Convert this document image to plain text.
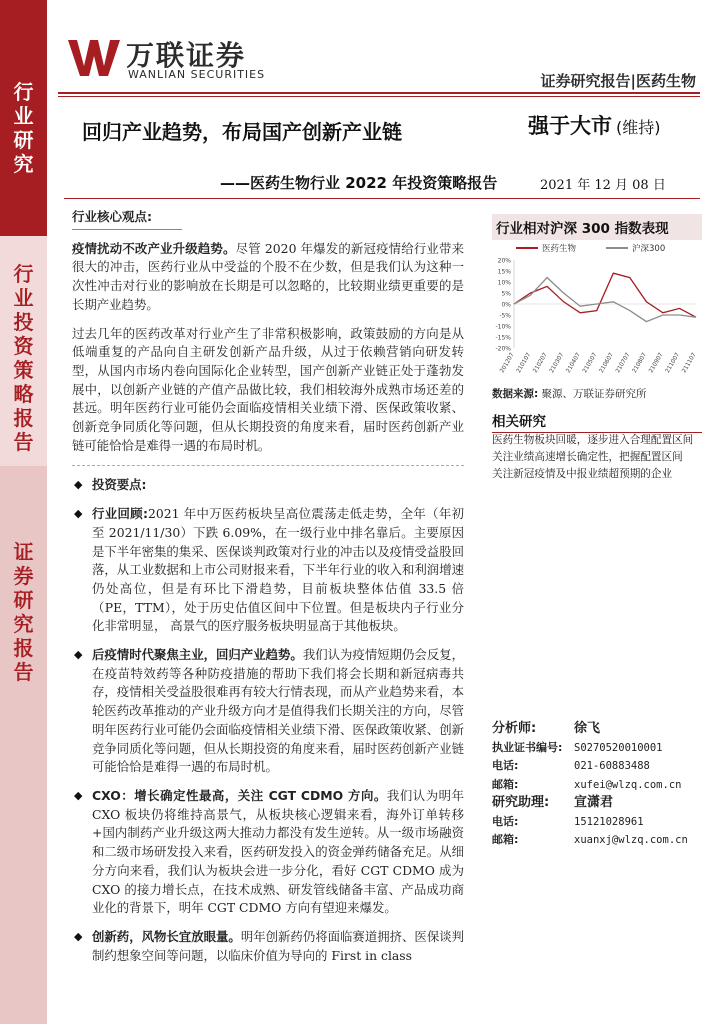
行
业
研
究
行
业
投
资
策
略
报
告
证
券
研
究
报
告
万联证券
WANLIAN SECURITIES	证券研究报告|医药生物
回归产业趋势，布局国产创新产业链
——医药生物行业 2022 年投资策略报告
强于大市 (维持)
2021 年 12 月 08 日
行业核心观点:

疫情扰动不改产业升级趋势。尽管 2020 年爆发的新冠疫情给行业带来很大的冲击，医药行业从中受益的个股不在少数，但是我们认为这种一次性冲击对行业的影响放在长期是可以忽略的，比较期业绩更重要的是长期产业趋势。

过去几年的医药改革对行业产生了非常积极影响，政策鼓励的方向是从低端重复的产品向自主研发创新产品升级，从过于依赖营销向研发转型，从国内市场内卷向国际化企业转型，国产创新产业链正处于蓬勃发展中，以创新产业链的产值产品做比较，我们相较海外成熟市场还差的甚远。明年医药行业可能仍会面临疫情相关业绩下滑、医保政策收紧、创新竞争同质化等问题，但从长期投资的角度来看，届时医药创新产业链可能恰恰是难得一遇的布局时机。

◆ 投资要点:
◆ 行业回顾:2021 年中万医药板块呈高位震荡走低走势，全年（年初至 2021/11/30）下跌 6.09%，在一级行业中排名靠后。主要原因是下半年密集的集采、医保谈判政策对行业的冲击以及疫情受益股回落，从工业数据和上市公司财报来看，下半年行业的收入和利润增速仍处高位，但是有环比下滑趋势，目前板块整体估值 33.5 倍（PE，TTM），处于历史估值区间中下位置。但是板块内子行业分化非常明显， 高景气的医疗服务板块明显高于其他板块。
◆ 后疫情时代聚焦主业，回归产业趋势。我们认为疫情短期仍会反复，在疫苗特效药等各种防疫措施的帮助下我们将会长期和新冠病毒共存，疫情相关受益股很难再有较大行情表现，而从产业趋势来看，本轮医药改革推动的产业升级方向才是值得我们长期关注的方向，尽管明年医药行业可能仍会面临疫情相关业绩下滑、医保政策收紧、创新竞争同质化等问题，但从长期投资的角度来看，届时医药创新产业链可能恰恰是难得一遇的布局时机。
◆ CXO：增长确定性最高，关注 CGT CDMO 方向。我们认为明年 CXO 板块仍将维持高景气，从板块核心逻辑来看，海外订单转移+国内制药产业升级这两大推动力都没有发生逆转。从一级市场融资和二级市场研发投入来看，医药研发投入的资金弹药储备充足。从细分方向来看，我们认为板块会进一步分化，看好 CGT CDMO 成为 CXO 的接力增长点，在技术成熟、研发管线储备丰富、产品成功商业化的背景下，明年 CGT CDMO 方向有望迎来爆发。
◆ 创新药，风物长宜放眼量。明年创新药仍将面临赛道拥挤、医保谈判制约想象空间等问题，以临床价值为导向的 First in class
行业相对沪深 300 指数表现
医药生物	沪深300
20%
15%
10%
5%
0%
-5%
-10%
-15%
-20%
201207 210107 210207 210307 210407 210507 210607 210707 210807 210907 211007 211107
数据来源: 聚源、万联证券研究所
相关研究
医药生物板块回暖，逐步进入合理配置区间
关注业绩高速增长确定性，把握配置区间
关注新冠疫情及中报业绩超预期的企业
分析师:	徐飞
执业证书编号:	S0270520010001
电话:	021-60883488
邮箱:	xufei@wlzq.com.cn
研究助理:	宣潇君
电话:	15121028961
邮箱:	xuanxj@wlzq.com.cn
